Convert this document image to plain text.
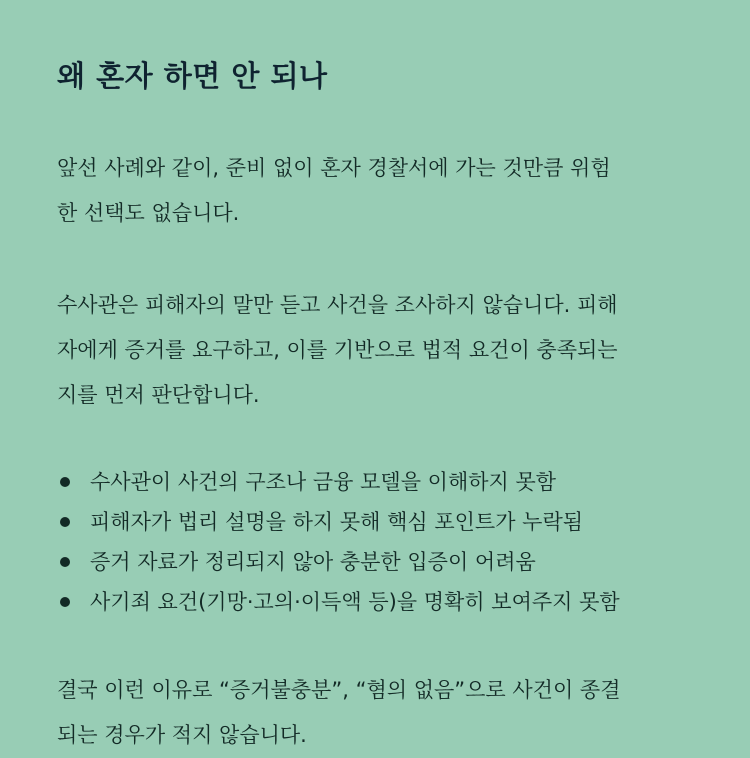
왜 혼자 하면 안 되나

앞선 사례와 같이, 준비 없이 혼자 경찰서에 가는 것만큼 위험
한 선택도 없습니다.

수사관은 피해자의 말만 듣고 사건을 조사하지 않습니다. 피해
자에게 증거를 요구하고, 이를 기반으로 법적 요건이 충족되는
지를 먼저 판단합니다.

수사관이 사건의 구조나 금융 모델을 이해하지 못함
피해자가 법리 설명을 하지 못해 핵심 포인트가 누락됨
증거 자료가 정리되지 않아 충분한 입증이 어려움
사기죄 요건(기망·고의·이득액 등)을 명확히 보여주지 못함

결국 이런 이유로 “증거불충분”, “혐의 없음”으로 사건이 종결
되는 경우가 적지 않습니다.
